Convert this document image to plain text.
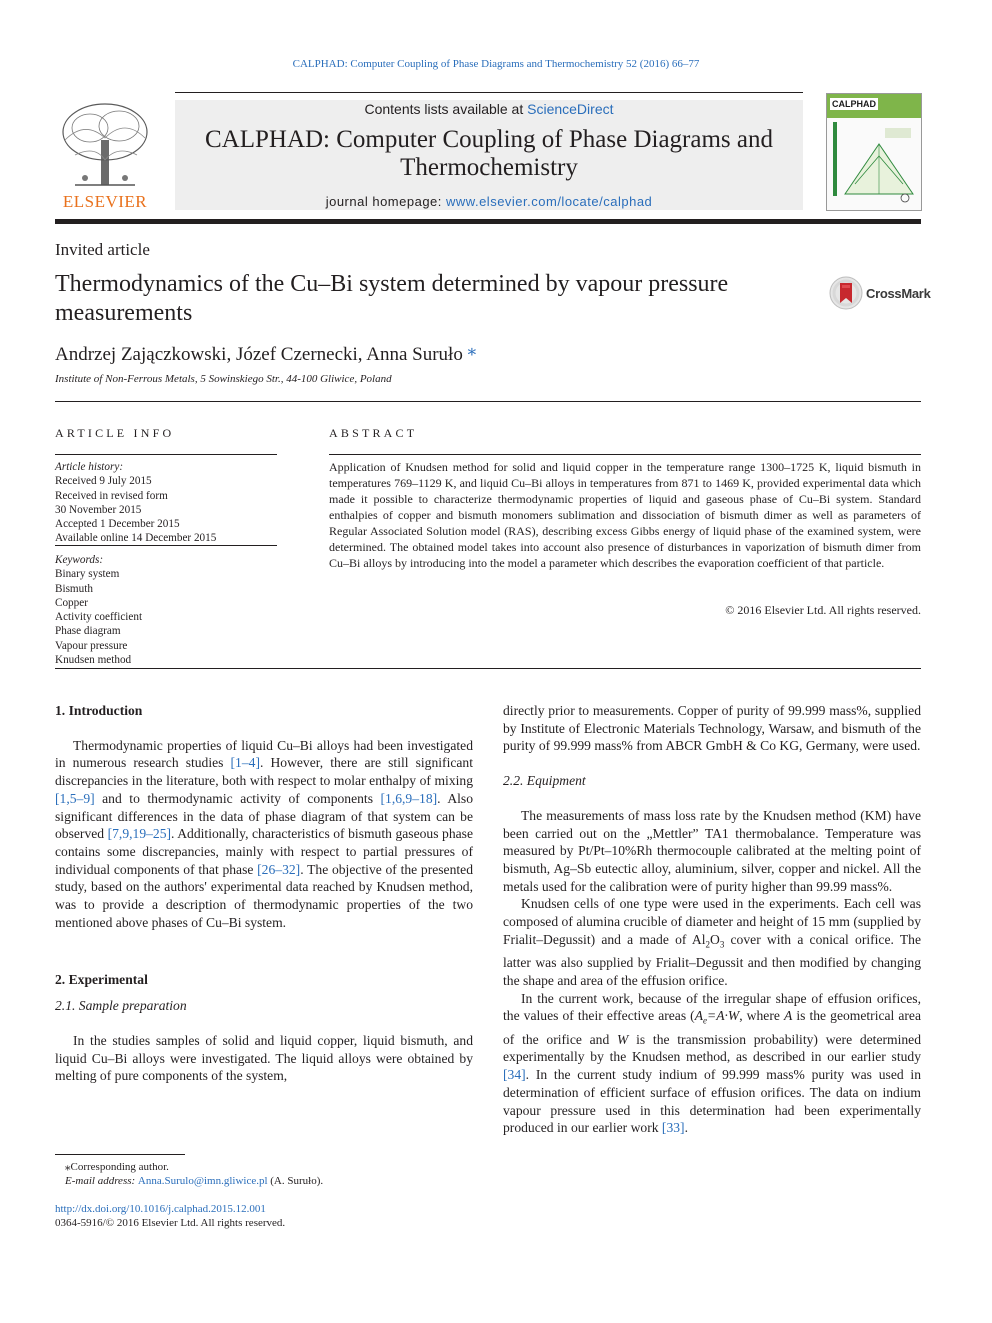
CALPHAD: Computer Coupling of Phase Diagrams and Thermochemistry 52 (2016) 66–77
ELSEVIER
Contents lists available at ScienceDirect
CALPHAD: Computer Coupling of Phase Diagrams and Thermochemistry
journal homepage: www.elsevier.com/locate/calphad
CALPHAD
Invited article
Thermodynamics of the Cu–Bi system determined by vapour pressure measurements
CrossMark
Andrzej Zajączkowski, Józef Czernecki, Anna Suruło ⁎
Institute of Non-Ferrous Metals, 5 Sowinskiego Str., 44-100 Gliwice, Poland
ARTICLE INFO
Article history:
Received 9 July 2015
Received in revised form
30 November 2015
Accepted 1 December 2015
Available online 14 December 2015
Keywords:
Binary system
Bismuth
Copper
Activity coefficient
Phase diagram
Vapour pressure
Knudsen method
ABSTRACT
Application of Knudsen method for solid and liquid copper in the temperature range 1300–1725 K, liquid bismuth in temperatures 769–1129 K, and liquid Cu–Bi alloys in temperatures from 871 to 1469 K, provided experimental data which made it possible to characterize thermodynamic properties of liquid and gaseous phase of Cu–Bi system. Standard enthalpies of copper and bismuth monomers sublimation and dissociation of bismuth dimer as well as parameters of Regular Associated Solution model (RAS), describing excess Gibbs energy of liquid phase of the examined system, were determined. The obtained model takes into account also presence of disturbances in vaporization of bismuth dimer from Cu–Bi alloys by introducing into the model a parameter which describes the evaporation coefficient of that particle.
© 2016 Elsevier Ltd. All rights reserved.
1. Introduction

Thermodynamic properties of liquid Cu–Bi alloys had been investigated in numerous research studies [1–4]. However, there are still significant discrepancies in the literature, both with respect to molar enthalpy of mixing [1,5–9] and to thermodynamic activity of components [1,6,9–18]. Also significant differences in the data of phase diagram of that system can be observed [7,9,19–25]. Additionally, characteristics of bismuth gaseous phase contains some discrepancies, mainly with respect to partial pressures of individual components of that phase [26–32]. The objective of the presented study, based on the authors' experimental data reached by Knudsen method, was to provide a description of thermodynamic properties of the two mentioned above phases of Cu–Bi system.

2. Experimental
2.1. Sample preparation

In the studies samples of solid and liquid copper, liquid bismuth, and liquid Cu–Bi alloys were investigated. The liquid alloys were obtained by melting of pure components of the system,

⁎Corresponding author.
E-mail address: Anna.Surulo@imn.gliwice.pl (A. Suruło).
http://dx.doi.org/10.1016/j.calphad.2015.12.001
0364-5916/© 2016 Elsevier Ltd. All rights reserved.

directly prior to measurements. Copper of purity of 99.999 mass%, supplied by Institute of Electronic Materials Technology, Warsaw, and bismuth of the purity of 99.999 mass% from ABCR GmbH & Co KG, Germany, were used.

2.2. Equipment

The measurements of mass loss rate by the Knudsen method (KM) have been carried out on the „Mettler” TA1 thermobalance. Temperature was measured by Pt/Pt–10%Rh thermocouple calibrated at the melting point of bismuth, Ag–Sb eutectic alloy, aluminium, silver, copper and nickel. All the metals used for the calibration were of purity higher than 99.99 mass%.

Knudsen cells of one type were used in the experiments. Each cell was composed of alumina crucible of diameter and height of 15 mm (supplied by Frialit–Degussit) and a made of $Al_2O_3$ cover with a conical orifice. The latter was also supplied by Frialit–Degussit and then modified by changing the shape and area of the effusion orifice.

In the current work, because of the irregular shape of effusion orifices, the values of their effective areas ($A_e=A\cdot W$, where A is the geometrical area of the orifice and W is the transmission probability) were determined experimentally by the Knudsen method, as described in our earlier study [34]. In the current study indium of 99.999 mass% purity was used in determination of efficient surface of effusion orifices. The data on indium vapour pressure used in this determination had been experimentally produced in our earlier work [33].
